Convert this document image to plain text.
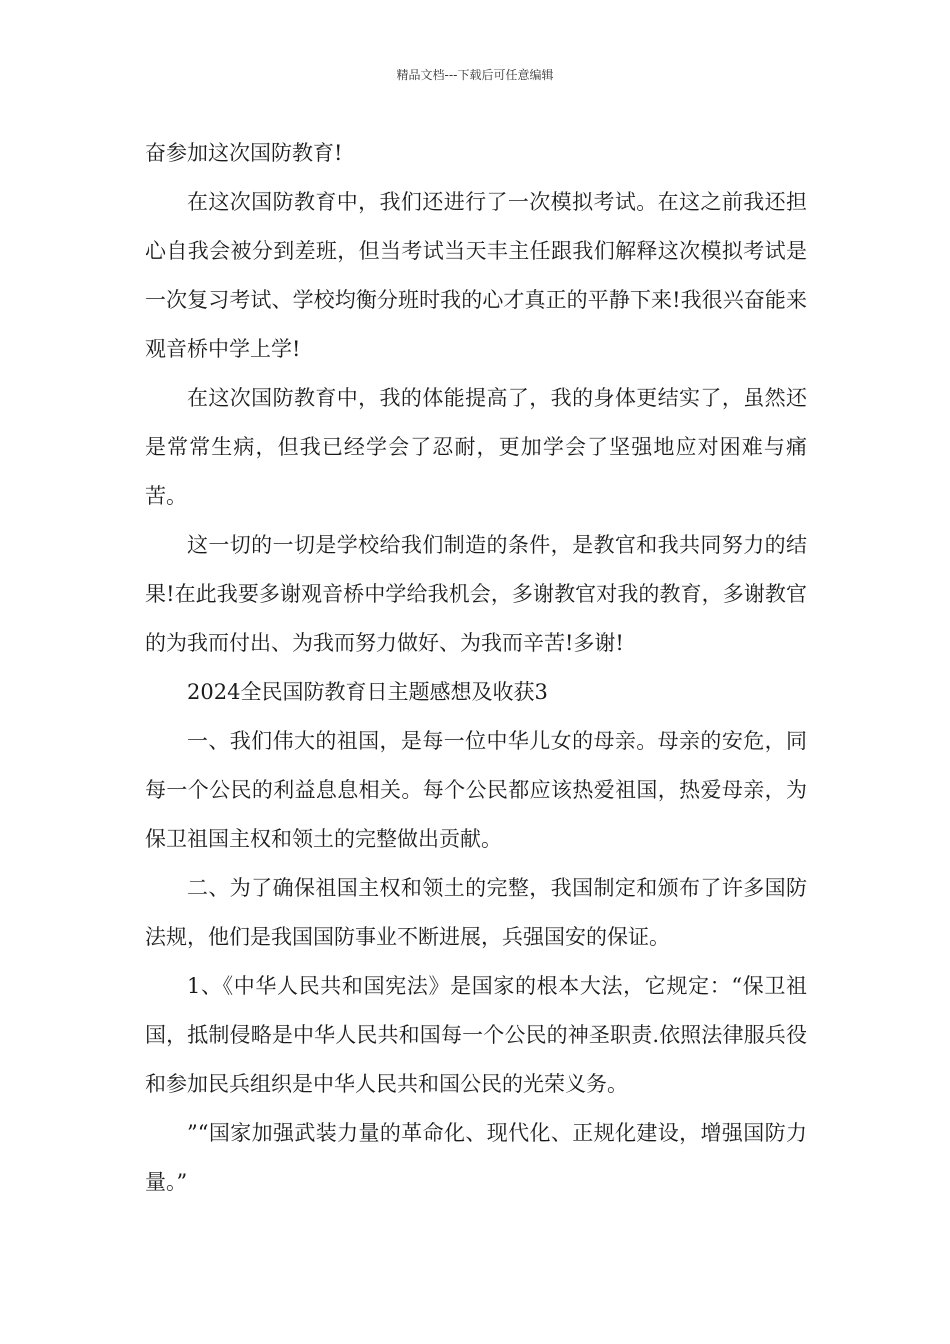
精品文档---下载后可任意编辑

奋参加这次国防教育!

在这次国防教育中，我们还进行了一次模拟考试。在这之前我还担心自我会被分到差班，但当考试当天丰主任跟我们解释这次模拟考试是一次复习考试、学校均衡分班时我的心才真正的平静下来!我很兴奋能来观音桥中学上学!

在这次国防教育中，我的体能提高了，我的身体更结实了，虽然还是常常生病，但我已经学会了忍耐，更加学会了坚强地应对困难与痛苦。

这一切的一切是学校给我们制造的条件，是教官和我共同努力的结果!在此我要多谢观音桥中学给我机会，多谢教官对我的教育，多谢教官的为我而付出、为我而努力做好、为我而辛苦!多谢!

2024全民国防教育日主题感想及收获3

一、我们伟大的祖国，是每一位中华儿女的母亲。母亲的安危，同每一个公民的利益息息相关。每个公民都应该热爱祖国，热爱母亲，为保卫祖国主权和领土的完整做出贡献。

二、为了确保祖国主权和领土的完整，我国制定和颁布了许多国防法规，他们是我国国防事业不断进展，兵强国安的保证。

1、《中华人民共和国宪法》是国家的根本大法，它规定：“保卫祖国，抵制侵略是中华人民共和国每一个公民的神圣职责.依照法律服兵役和参加民兵组织是中华人民共和国公民的光荣义务。

”“国家加强武装力量的革命化、现代化、正规化建设，增强国防力量。”
